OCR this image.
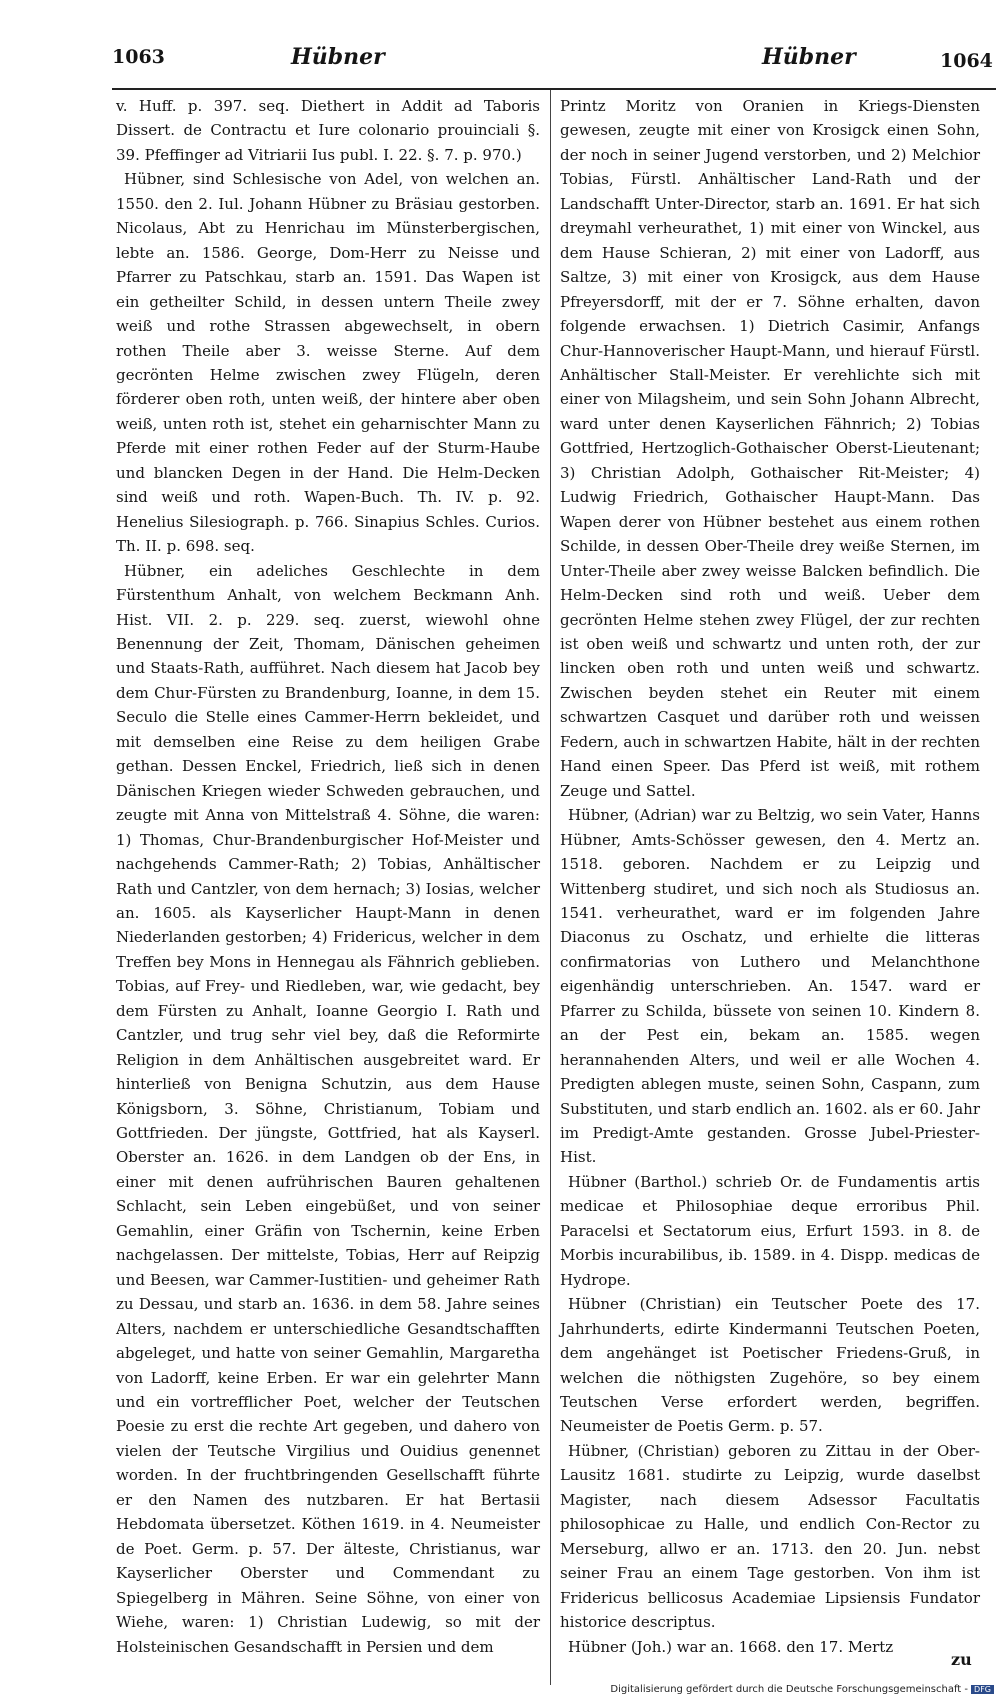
1063	Hübner	Hübner	1064

v. Huff. p. 397. seq. Diethert in Addit ad Taboris Dissert. de Contractu et Iure colonario prouinciali §. 39. Pfeffinger ad Vitriarii Ius publ. I. 22. §. 7. p. 970.)

Hübner, sind Schlesische von Adel, von welchen an. 1550. den 2. Iul. Johann Hübner zu Bräsiau gestorben. Nicolaus, Abt zu Henrichau im Münsterbergischen, lebte an. 1586. George, Dom-Herr zu Neisse und Pfarrer zu Patschkau, starb an. 1591. Das Wapen ist ein getheilter Schild, in dessen untern Theile zwey weiß und rothe Strassen abgewechselt, in obern rothen Theile aber 3. weisse Sterne. Auf dem gecrönten Helme zwischen zwey Flügeln, deren förderer oben roth, unten weiß, der hintere aber oben weiß, unten roth ist, stehet ein geharnischter Mann zu Pferde mit einer rothen Feder auf der Sturm-Haube und blancken Degen in der Hand. Die Helm-Decken sind weiß und roth. Wapen-Buch. Th. IV. p. 92. Henelius Silesiograph. p. 766. Sinapius Schles. Curios. Th. II. p. 698. seq.

Hübner, ein adeliches Geschlechte in dem Fürstenthum Anhalt, von welchem Beckmann Anh. Hist. VII. 2. p. 229. seq. zuerst, wiewohl ohne Benennung der Zeit, Thomam, Dänischen geheimen und Staats-Rath, aufführet. Nach diesem hat Jacob bey dem Chur-Fürsten zu Brandenburg, Ioanne, in dem 15. Seculo die Stelle eines Cammer-Herrn bekleidet, und mit demselben eine Reise zu dem heiligen Grabe gethan. Dessen Enckel, Friedrich, ließ sich in denen Dänischen Kriegen wieder Schweden gebrauchen, und zeugte mit Anna von Mittelstraß 4. Söhne, die waren: 1) Thomas, Chur-Brandenburgischer Hof-Meister und nachgehends Cammer-Rath; 2) Tobias, Anhältischer Rath und Cantzler, von dem hernach; 3) Iosias, welcher an. 1605. als Kayserlicher Haupt-Mann in denen Niederlanden gestorben; 4) Fridericus, welcher in dem Treffen bey Mons in Hennegau als Fähnrich geblieben. Tobias, auf Frey- und Riedleben, war, wie gedacht, bey dem Fürsten zu Anhalt, Ioanne Georgio I. Rath und Cantzler, und trug sehr viel bey, daß die Reformirte Religion in dem Anhältischen ausgebreitet ward. Er hinterließ von Benigna Schutzin, aus dem Hause Königsborn, 3. Söhne, Christianum, Tobiam und Gottfrieden. Der jüngste, Gottfried, hat als Kayserl. Oberster an. 1626. in dem Landgen ob der Ens, in einer mit denen aufrührischen Bauren gehaltenen Schlacht, sein Leben eingebüßet, und von seiner Gemahlin, einer Gräfin von Tschernin, keine Erben nachgelassen. Der mittelste, Tobias, Herr auf Reipzig und Beesen, war Cammer-Iustitien- und geheimer Rath zu Dessau, und starb an. 1636. in dem 58. Jahre seines Alters, nachdem er unterschiedliche Gesandtschafften abgeleget, und hatte von seiner Gemahlin, Margaretha von Ladorff, keine Erben. Er war ein gelehrter Mann und ein vortrefflicher Poet, welcher der Teutschen Poesie zu erst die rechte Art gegeben, und dahero von vielen der Teutsche Virgilius und Ouidius genennet worden. In der fruchtbringenden Gesellschafft führte er den Namen des nutzbaren. Er hat Bertasii Hebdomata übersetzet. Köthen 1619. in 4. Neumeister de Poet. Germ. p. 57. Der älteste, Christianus, war Kayserlicher Oberster und Commendant zu Spiegelberg in Mähren. Seine Söhne, von einer von Wiehe, waren: 1) Christian Ludewig, so mit der Holsteinischen Gesandschafft in Persien und dem

Printz Moritz von Oranien in Kriegs-Diensten gewesen, zeugte mit einer von Krosigck einen Sohn, der noch in seiner Jugend verstorben, und 2) Melchior Tobias, Fürstl. Anhältischer Land-Rath und der Landschafft Unter-Director, starb an. 1691. Er hat sich dreymahl verheurathet, 1) mit einer von Winckel, aus dem Hause Schieran, 2) mit einer von Ladorff, aus Saltze, 3) mit einer von Krosigck, aus dem Hause Pfreyersdorff, mit der er 7. Söhne erhalten, davon folgende erwachsen. 1) Dietrich Casimir, Anfangs Chur-Hannoverischer Haupt-Mann, und hierauf Fürstl. Anhältischer Stall-Meister. Er verehlichte sich mit einer von Milagsheim, und sein Sohn Johann Albrecht, ward unter denen Kayserlichen Fähnrich; 2) Tobias Gottfried, Hertzoglich-Gothaischer Oberst-Lieutenant; 3) Christian Adolph, Gothaischer Rit-Meister; 4) Ludwig Friedrich, Gothaischer Haupt-Mann. Das Wapen derer von Hübner bestehet aus einem rothen Schilde, in dessen Ober-Theile drey weiße Sternen, im Unter-Theile aber zwey weisse Balcken befindlich. Die Helm-Decken sind roth und weiß. Ueber dem gecrönten Helme stehen zwey Flügel, der zur rechten ist oben weiß und schwartz und unten roth, der zur lincken oben roth und unten weiß und schwartz. Zwischen beyden stehet ein Reuter mit einem schwartzen Casquet und darüber roth und weissen Federn, auch in schwartzen Habite, hält in der rechten Hand einen Speer. Das Pferd ist weiß, mit rothem Zeuge und Sattel.

Hübner, (Adrian) war zu Beltzig, wo sein Vater, Hanns Hübner, Amts-Schösser gewesen, den 4. Mertz an. 1518. geboren. Nachdem er zu Leipzig und Wittenberg studiret, und sich noch als Studiosus an. 1541. verheurathet, ward er im folgenden Jahre Diaconus zu Oschatz, und erhielte die litteras confirmatorias von Luthero und Melanchthone eigenhändig unterschrieben. An. 1547. ward er Pfarrer zu Schilda, büssete von seinen 10. Kindern 8. an der Pest ein, bekam an. 1585. wegen herannahenden Alters, und weil er alle Wochen 4. Predigten ablegen muste, seinen Sohn, Caspann, zum Substituten, und starb endlich an. 1602. als er 60. Jahr im Predigt-Amte gestanden. Grosse Jubel-Priester-Hist.

Hübner (Barthol.) schrieb Or. de Fundamentis artis medicae et Philosophiae deque erroribus Phil. Paracelsi et Sectatorum eius, Erfurt 1593. in 8. de Morbis incurabilibus, ib. 1589. in 4. Dispp. medicas de Hydrope.

Hübner (Christian) ein Teutscher Poete des 17. Jahrhunderts, edirte Kindermanni Teutschen Poeten, dem angehänget ist Poetischer Friedens-Gruß, in welchen die nöthigsten Zugehöre, so bey einem Teutschen Verse erfordert werden, begriffen. Neumeister de Poetis Germ. p. 57.

Hübner, (Christian) geboren zu Zittau in der Ober-Lausitz 1681. studirte zu Leipzig, wurde daselbst Magister, nach diesem Adsessor Facultatis philosophicae zu Halle, und endlich Con-Rector zu Merseburg, allwo er an. 1713. den 20. Jun. nebst seiner Frau an einem Tage gestorben. Von ihm ist Fridericus bellicosus Academiae Lipsiensis Fundator historice descriptus.

Hübner (Joh.) war an. 1668. den 17. Mertz

zu
Digitalisierung gefördert durch die Deutsche Forschungsgemeinschaft - DFG
